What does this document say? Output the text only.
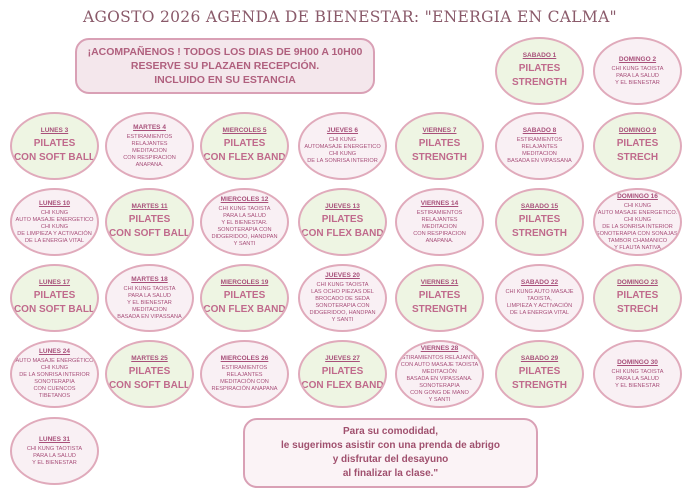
AGOSTO 2026 AGENDA DE BIENESTAR: "ENERGIA EN CALMA"
¡ACOMPAÑENOS ! TODOS LOS DIAS DE 9H00 A 10H00
RESERVE SU PLAZAEN RECEPCIÓN.
INCLUIDO EN SU ESTANCIA
SABADO 1
PILATES
STRENGTH
DOMINGO 2
CHI KUNG TAOISTA
PARA LA SALUD
Y EL BIENESTAR
LUNES 3
PILATES
CON SOFT BALL
MARTES 4
ESTIRAMIENTOS
RELAJANTES
MEDITACION
CON RESPIRACION
ANAPANA.
MIERCOLES 5
PILATES
CON FLEX BAND
JUEVES 6
CHI KUNG
AUTOMASAJE ENERGETICO
CHI KUNG
DE LA SONRISA INTERIOR
VIERNES 7
PILATES
STRENGTH
SABADO 8
ESTIRAMIENTOS
RELAJANTES
MEDITACION
BASADA EN VIPASSANA
DOMINGO 9
PILATES
STRECH
LUNES 10
CHI KUNG
AUTO MASAJE ENERGETICO
CHI KUNG
DE LIMPIEZA Y ACTIVACIÓN
DE LA ENERGIA VITAL
MARTES 11
PILATES
CON SOFT BALL
MIERCOLES 12
CHI KUNG TAOISTA
PARA LA SALUD
Y EL BIENESTAR.
SONOTERAPIA CON
DIDGERIDOO, HANDPAN
Y SANTI
JUEVES 13
PILATES
CON FLEX BAND
VIERNES 14
ESTIRAMIENTOS
RELAJANTES
MEDITACION
CON RESPIRACION
ANAPANA.
SABADO 15
PILATES
STRENGTH
DOMINGO 16
CHI KUNG
AUTO MASAJE ENERGETICO.
CHI KUNG
DE LA SONRISA INTERIOR
SONOTERAPIA CON SONAJAS,
TAMBOR CHAMANICO
Y FLAUTA NATIVA
LUNES 17
PILATES
CON SOFT BALL
MARTES 18
CHI KUNG TAOISTA
PARA LA SALUD
Y EL BIENESTAR
MEDITACION
BASADA EN VIPASSANA
MIERCOLES 19
PILATES
CON FLEX BAND
JUEVES 20
CHI KUNG TAOISTA
LAS OCHO PIEZAS DEL
BROCADO DE SEDA
SONOTERAPIA CON
DIDGERIDOO, HANDPAN
Y SANTI
VIERNES 21
PILATES
STRENGTH
SABADO 22
CHI KUNG AUTO MASAJE
TAOISTA,
LIMPIEZA Y ACTIVACIÓN
DE LA ENERGIA VITAL
DOMINGO 23
PILATES
STRECH
LUNES 24
AUTO MASAJE ENERGÉTICO
CHI KUNG
DE LA SONRISA INTERIOR
SONOTERAPIA
CON CUENCOS
TIBETANOS
MARTES 25
PILATES
CON SOFT BALL
MIERCOLES 26
ESTIRAMIENTOS
RELAJANTES
MEDITACIÓN CON
RESPIRACIÓN ANAPANA
JUEVES 27
PILATES
CON FLEX BAND
VIERNES 28
ESTIRAMIENTOS RELAJANTES
CON AUTO MASAJE TAOISTA
MEDITACIÓN
BASADA EN VIPASSANA.
SONOTERAPIA
CON GONG DE MANO
Y SANTI
SABADO 29
PILATES
STRENGTH
DOMINGO 30
CHI KUNG TAOISTA
PARA LA SALUD
Y EL BIENESTAR
LUNES 31
CHI KUNG TAOTISTA
PARA LA SALUD
Y EL BIENESTAR
Para su comodidad,
le sugerimos asistir con una prenda de abrigo
y disfrutar del desayuno
al finalizar la clase."
